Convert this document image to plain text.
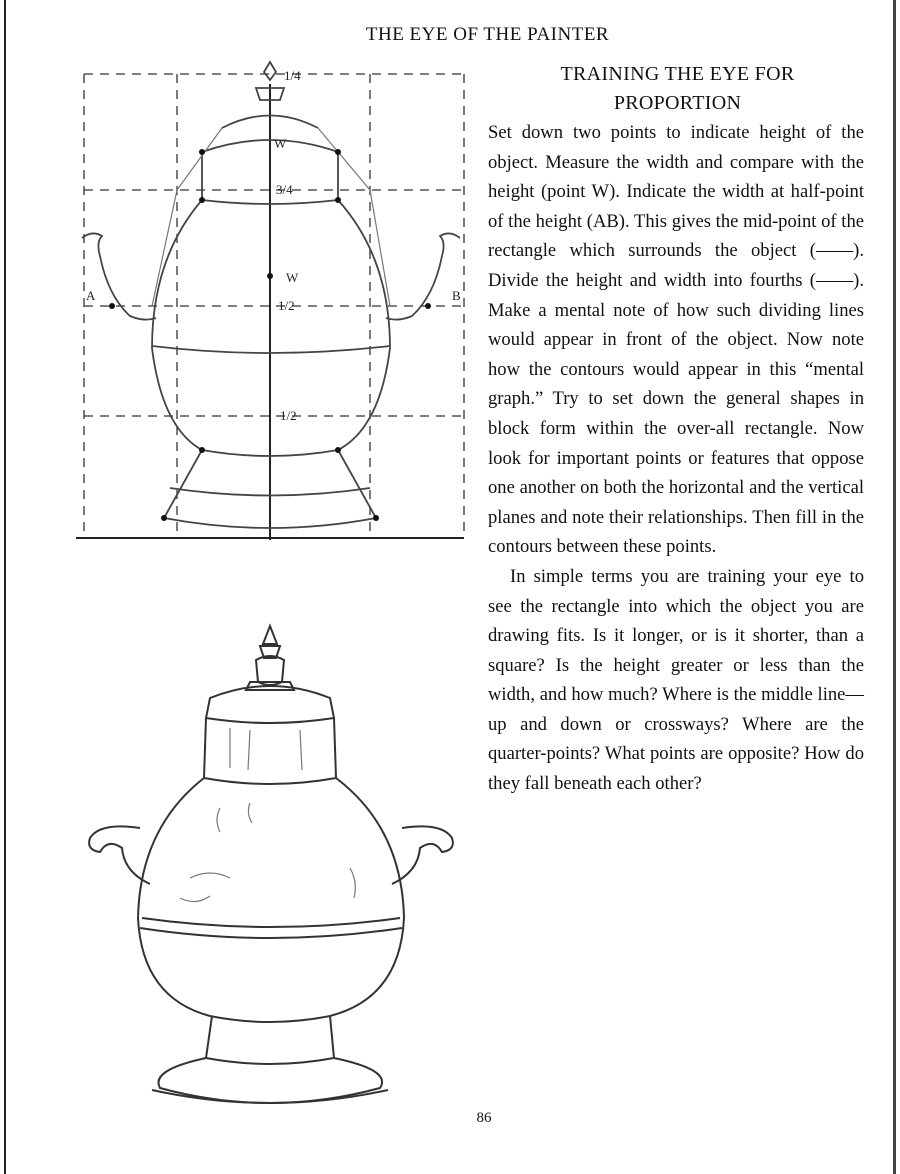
THE EYE OF THE PAINTER
TRAINING THE EYE FOR
PROPORTION

Set down two points to indicate height of the object. Measure the width and compare with the height (point W). Indicate the width at half-point of the height (AB). This gives the mid-point of the rectangle which surrounds the object (——). Divide the height and width into fourths (——). Make a mental note of how such dividing lines would appear in front of the object. Now note how the contours would appear in this “mental graph.” Try to set down the general shapes in block form within the over-all rectangle. Now look for important points or features that oppose one another on both the horizontal and the vertical planes and note their relationships. Then fill in the contours between these points.

In simple terms you are training your eye to see the rectangle into which the object you are drawing fits. Is it longer, or is it shorter, than a square? Is the height greater or less than the width, and how much? Where is the middle line—up and down or crossways? Where are the quarter-points? What points are opposite? How do they fall beneath each other?

1/4
W
3/4
W
1/2
A	B
1/2
86
